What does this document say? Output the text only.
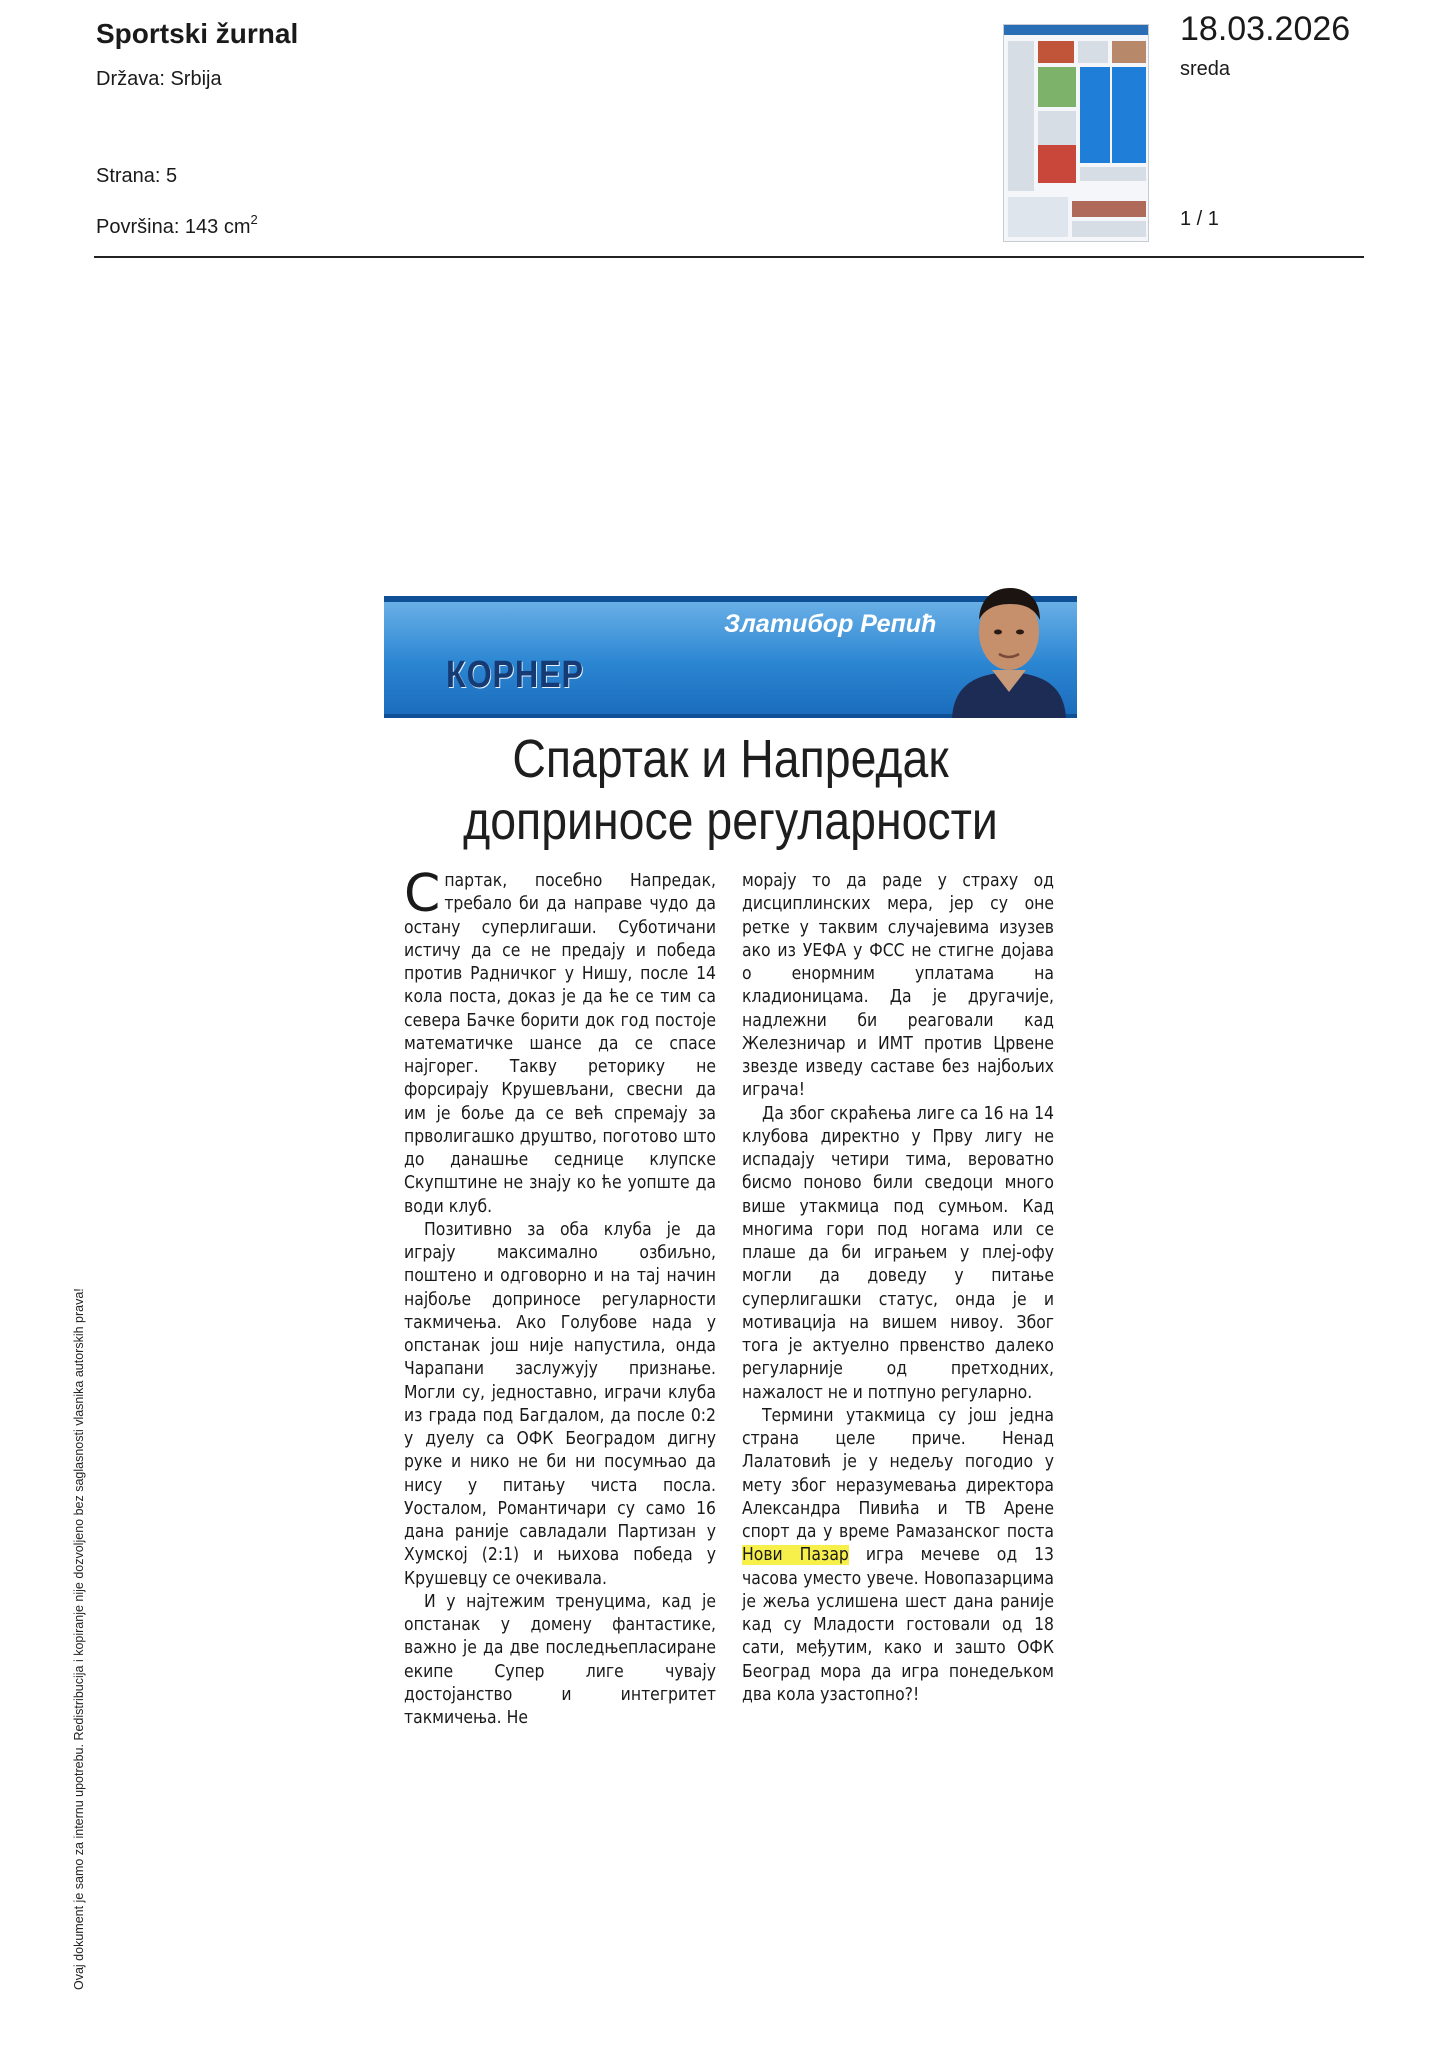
Sportski žurnal
Država: Srbija
Strana: 5
Površina: 143 $cm^2$
18.03.2026
sreda
1 / 1
КОРНЕР
Златибор Репић
Спартак и Напредак
доприносе регуларности

Спартак, посебно Напредак, требало би да направе чудо да остану суперлигаши. Суботичани истичу да се не предају и победа против Радничког у Нишу, после 14 кола поста, доказ је да ће се тим са севера Бачке борити док год постоје математичке шансе да се спасе најгорег. Такву реторику не форсирају Крушевљани, свесни да им је боље да се већ спремају за прволигашко друштво, поготово што до данашње седнице клупске Скупштине не знају ко ће уопште да води клуб.

Позитивно за оба клуба је да играју максимално озбиљно, поштено и одговорно и на тај начин најбоље доприносе регуларности такмичења. Ако Голубове нада у опстанак још није напустила, онда Чарапани заслужују признање. Могли су, једноставно, играчи клуба из града под Багдалом, да после 0:2 у дуелу са ОФК Београдом дигну руке и нико не би ни посумњао да нису у питању чиста посла. Уосталом, Романтичари су само 16 дана раније савладали Партизан у Хумској (2:1) и њихова победа у Крушевцу се очекивала.

И у најтежим тренуцима, кад је опстанак у домену фантастике, важно је да две последњепласиране екипе Супер лиге чувају достојанство и интегритет такмичења. Не

морају то да раде у страху од дисциплинских мера, јер су оне ретке у таквим случајевима изузев ако из УЕФА у ФСС не стигне дојава о енормним уплатама на кладионицама. Да је другачије, надлежни би реаговали кад Железничар и ИМТ против Црвене звезде изведу саставе без најбољих играча!

Да због скраћења лиге са 16 на 14 клубова директно у Прву лигу не испадају четири тима, вероватно бисмо поново били сведоци много више утакмица под сумњом. Кад многима гори под ногама или се плаше да би играњем у плеј-офу могли да доведу у питање суперлигашки статус, онда је и мотивација на вишем нивоу. Због тога је актуелно првенство далеко регуларније од претходних, нажалост не и потпуно регуларно.

Термини утакмица су још једна страна целе приче. Ненад Лалатовић је у недељу погодио у мету због неразумевања директора Александра Пивића и ТВ Арене спорт да у време Рамазанског поста Нови Пазар игра мечеве од 13 часова уместо увече. Новопазарцима је жеља услишена шест дана раније кад су Младости гостовали од 18 сати, међутим, како и зашто ОФК Београд мора да игра понедељком два кола узастопно?!

Ovaj dokument je samo za internu upotrebu. Redistribucija i kopiranje nije dozvoljeno bez saglasnosti vlasnika autorskih prava!
